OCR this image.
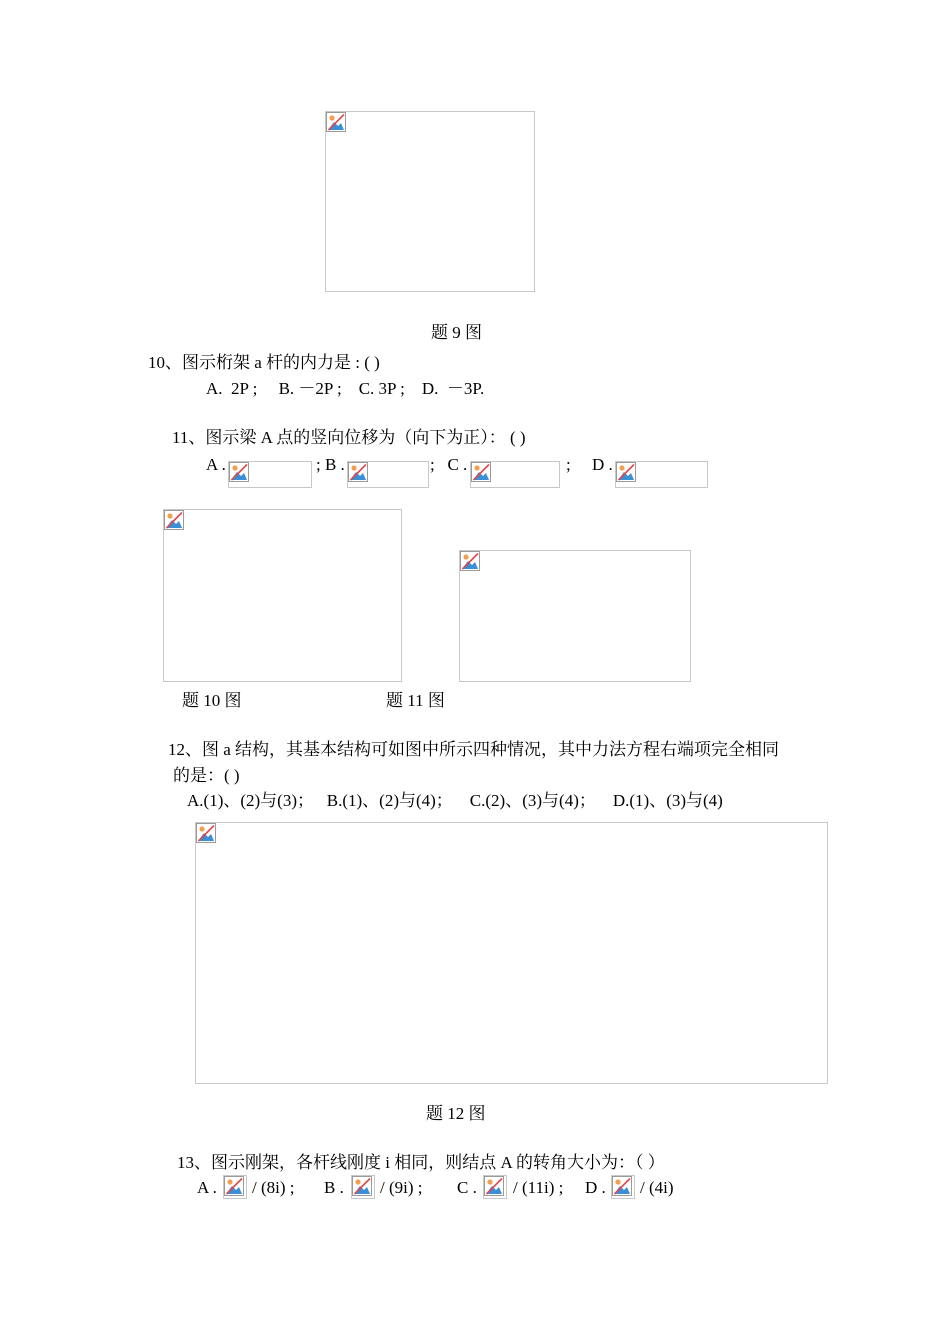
题 9 图
10、图示桁架 a 杆的内力是 : ( )
A.  2P ;     B. －2P ;    C. 3P ;    D.  －3P.
11、图示梁 A 点的竖向位移为（向下为正）： ( )
A .	; B .	;   C .	;     D .
题 10 图	题 11 图
12、图 a 结构，其基本结构可如图中所示四种情况，其中力法方程右端项完全相同
的是：( )
A.(1)、(2)与(3)；   B.(1)、(2)与(4)；    C.(2)、(3)与(4)；    D.(1)、(3)与(4)
题 12 图
13、图示刚架，各杆线刚度 i 相同，则结点 A 的转角大小为：（ ）
A . / (8i) ; B . / (9i) ; C . / (11i) ; D . / (4i)
